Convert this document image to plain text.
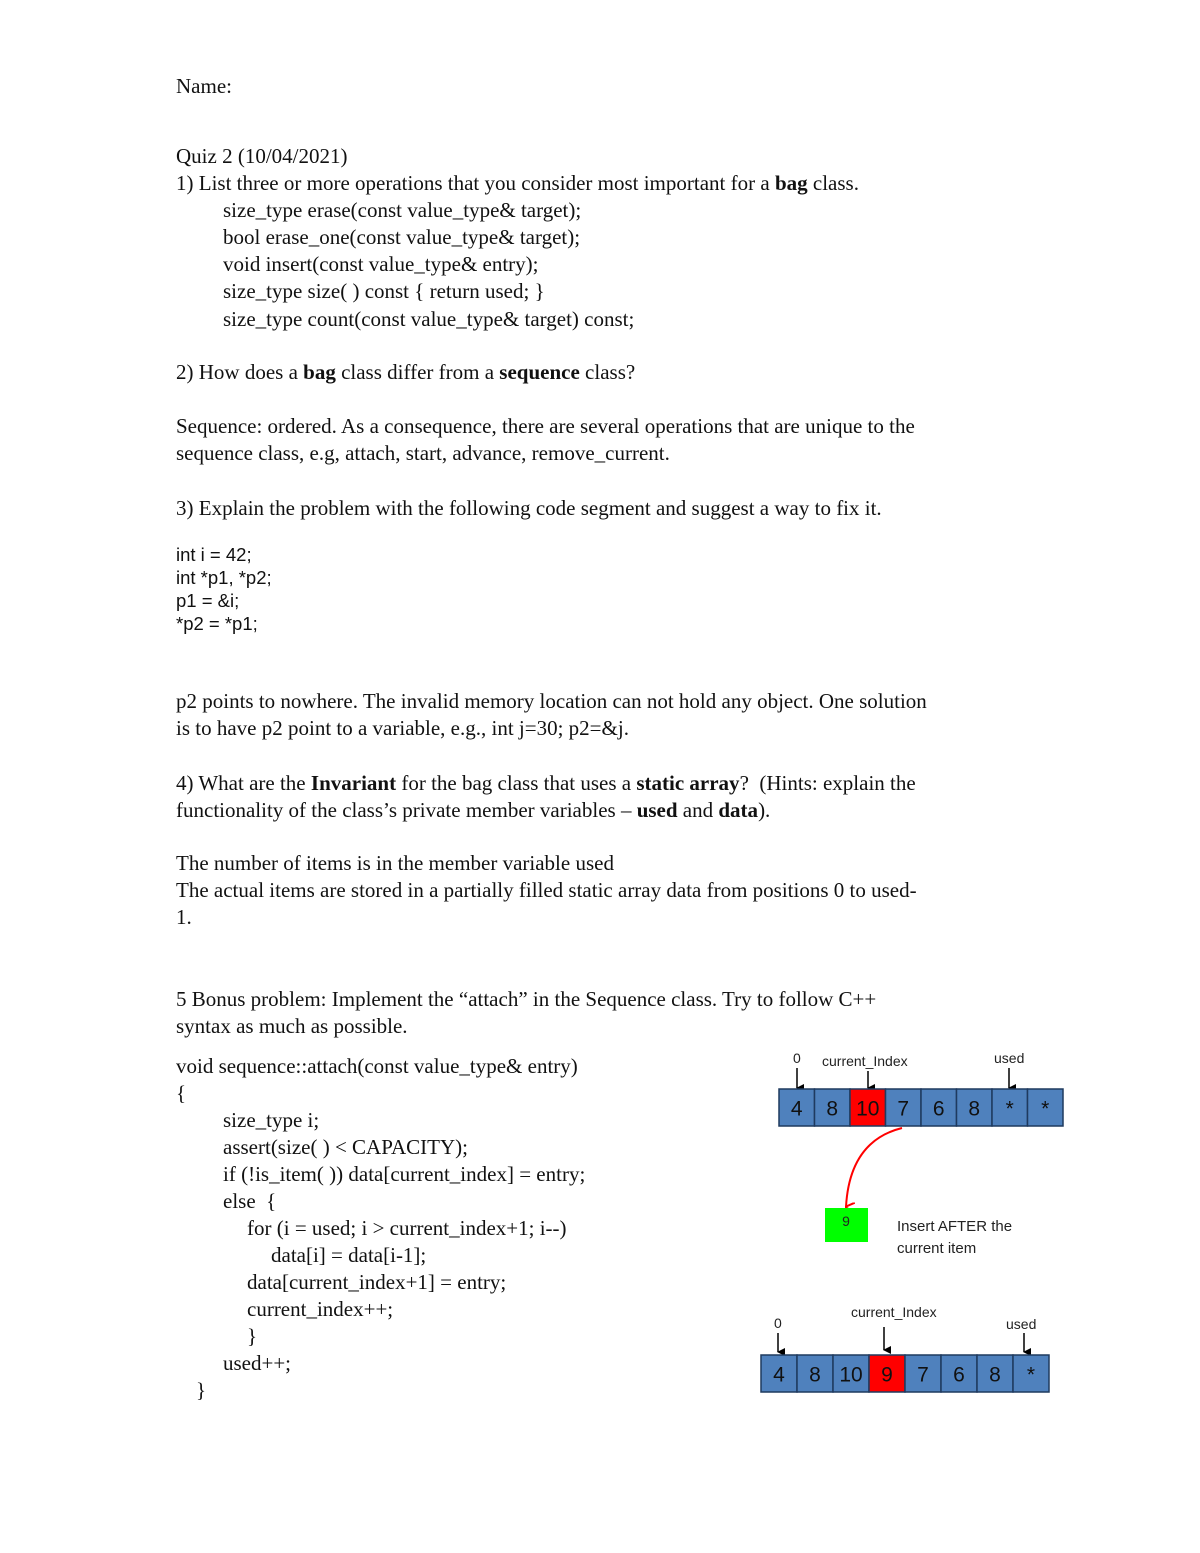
Name:
Quiz 2 (10/04/2021)
1) List three or more operations that you consider most important for a bag class.
size_type erase(const value_type& target);
bool erase_one(const value_type& target);
void insert(const value_type& entry);
size_type size( ) const { return used; }
size_type count(const value_type& target) const;
2) How does a bag class differ from a sequence class?
Sequence: ordered. As a consequence, there are several operations that are unique to the
sequence class, e.g, attach, start, advance, remove_current.
3) Explain the problem with the following code segment and suggest a way to fix it.
int i = 42;
int *p1, *p2;
p1 = &i;
*p2 = *p1;
p2 points to nowhere. The invalid memory location can not hold any object. One solution
is to have p2 point to a variable, e.g., int j=30; p2=&j.
4) What are the Invariant for the bag class that uses a static array?  (Hints: explain the
functionality of the class’s private member variables – used and data).
The number of items is in the member variable used
The actual items are stored in a partially filled static array data from positions 0 to used-
1.
5 Bonus problem: Implement the “attach” in the Sequence class. Try to follow C++
syntax as much as possible.
void sequence::attach(const value_type& entry)
{
size_type i;
assert(size( ) < CAPACITY);
if (!is_item( )) data[current_index] = entry;
else  {
for (i = used; i > current_index+1; i--)
data[i] = data[i-1];
data[current_index+1] = entry;
current_index++;
}
used++;
}
0 current_Index	used
4 8 10 7 6 8 * *
9	Insert AFTER the
current item
0
current_Index
used
4 8 10 9 7 6 8 *
